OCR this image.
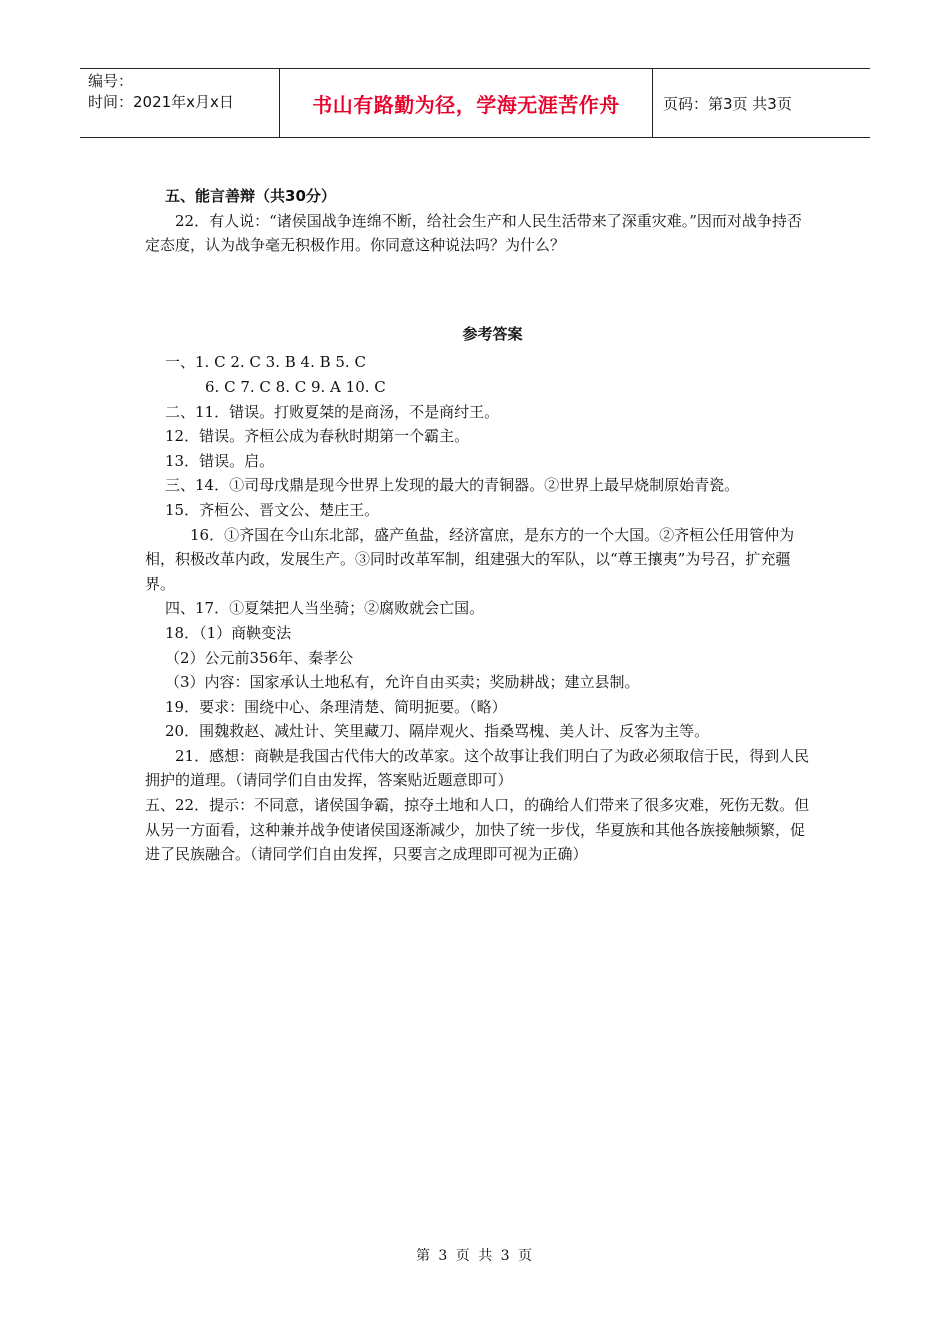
编号：
时间：2021年x月x日	书山有路勤为径，学海无涯苦作舟	页码：第3页 共3页

五、能言善辩（共30分）

22．有人说：“诸侯国战争连绵不断，给社会生产和人民生活带来了深重灾难。”因而对战争持否定态度，认为战争毫无积极作用。你同意这种说法吗？为什么？

参考答案

一、1. C 2. C 3. B 4. B 5. C

6. C 7. C 8. C 9. A 10. C

二、11．错误。打败夏桀的是商汤，不是商纣王。

12．错误。齐桓公成为春秋时期第一个霸主。

13．错误。启。

三、14．①司母戊鼎是现今世界上发现的最大的青铜器。②世界上最早烧制原始青瓷。

15．齐桓公、晋文公、楚庄王。

16．①齐国在今山东北部，盛产鱼盐，经济富庶，是东方的一个大国。②齐桓公任用管仲为相，积极改革内政，发展生产。③同时改革军制，组建强大的军队，以“尊王攘夷”为号召，扩充疆界。

四、17．①夏桀把人当坐骑；②腐败就会亡国。

18．（1）商鞅变法

（2）公元前356年、秦孝公

（3）内容：国家承认土地私有，允许自由买卖；奖励耕战；建立县制。

19．要求：围绕中心、条理清楚、简明扼要。（略）

20．围魏救赵、减灶计、笑里藏刀、隔岸观火、指桑骂槐、美人计、反客为主等。

21．感想：商鞅是我国古代伟大的改革家。这个故事让我们明白了为政必须取信于民，得到人民拥护的道理。（请同学们自由发挥，答案贴近题意即可）

五、22．提示：不同意，诸侯国争霸，掠夺土地和人口，的确给人们带来了很多灾难，死伤无数。但从另一方面看，这种兼并战争使诸侯国逐渐减少，加快了统一步伐，华夏族和其他各族接触频繁，促进了民族融合。（请同学们自由发挥，只要言之成理即可视为正确）

第 3 页 共 3 页
